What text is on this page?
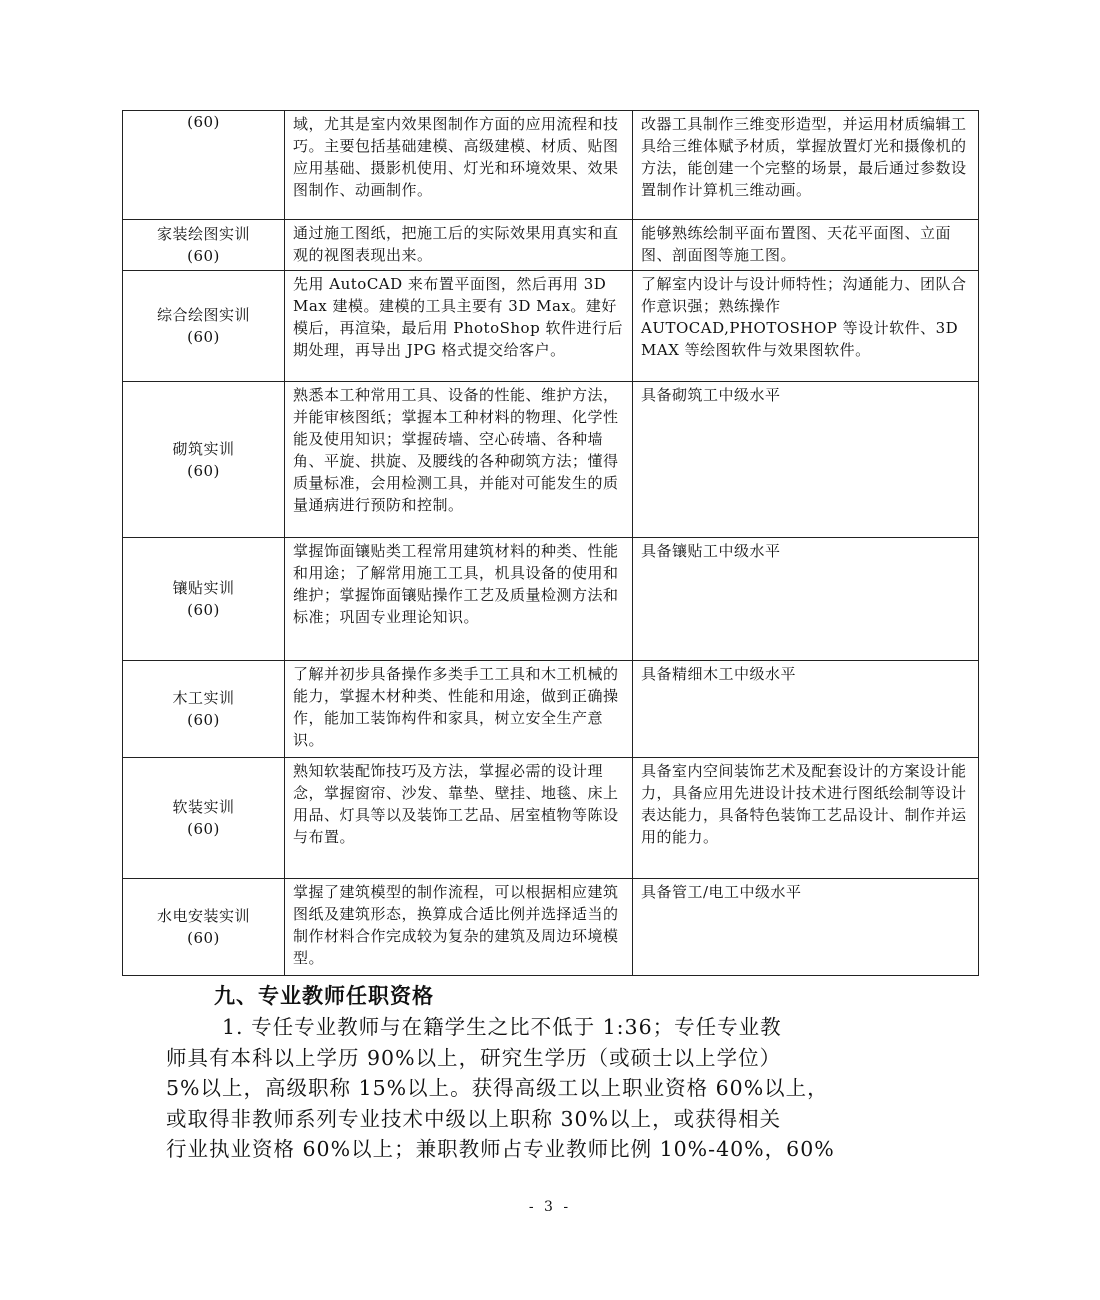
(60)	域，尤其是室内效果图制作方面的应用流程和技巧。主要包括基础建模、高级建模、材质、贴图应用基础、摄影机使用、灯光和环境效果、效果图制作、动画制作。	改器工具制作三维变形造型，并运用材质编辑工具给三维体赋予材质，掌握放置灯光和摄像机的方法，能创建一个完整的场景，最后通过参数设置制作计算机三维动画。

家装绘图实训
(60)	通过施工图纸，把施工后的实际效果用真实和直观的视图表现出来。	能够熟练绘制平面布置图、天花平面图、立面图、剖面图等施工图。

综合绘图实训
(60)	先用 AutoCAD 来布置平面图，然后再用 3D Max 建模。建模的工具主要有 3D Max。建好模后，再渲染，最后用 PhotoShop 软件进行后期处理，再导出 JPG 格式提交给客户。	了解室内设计与设计师特性；沟通能力、团队合作意识强；熟练操作 AUTOCAD,PHOTOSHOP 等设计软件、3D MAX 等绘图软件与效果图软件。

砌筑实训
(60)	熟悉本工种常用工具、设备的性能、维护方法，并能审核图纸；掌握本工种材料的物理、化学性能及使用知识；掌握砖墙、空心砖墙、各种墙角、平旋、拱旋、及腰线的各种砌筑方法；懂得质量标准，会用检测工具，并能对可能发生的质量通病进行预防和控制。	具备砌筑工中级水平

镶贴实训
(60)	掌握饰面镶贴类工程常用建筑材料的种类、性能和用途；了解常用施工工具，机具设备的使用和维护；掌握饰面镶贴操作工艺及质量检测方法和标准；巩固专业理论知识。	具备镶贴工中级水平

木工实训
(60)	了解并初步具备操作多类手工工具和木工机械的能力，掌握木材种类、性能和用途，做到正确操作，能加工装饰构件和家具，树立安全生产意识。	具备精细木工中级水平

软装实训
(60)	熟知软装配饰技巧及方法，掌握必需的设计理念，掌握窗帘、沙发、靠垫、壁挂、地毯、床上用品、灯具等以及装饰工艺品、居室植物等陈设与布置。	具备室内空间装饰艺术及配套设计的方案设计能力，具备应用先进设计技术进行图纸绘制等设计表达能力，具备特色装饰工艺品设计、制作并运用的能力。

水电安装实训
(60)	掌握了建筑模型的制作流程，可以根据相应建筑图纸及建筑形态，换算成合适比例并选择适当的制作材料合作完成较为复杂的建筑及周边环境模型。	具备管工/电工中级水平
九、专业教师任职资格
1. 专任专业教师与在籍学生之比不低于 1:36；专任专业教
师具有本科以上学历 90%以上，研究生学历（或硕士以上学位）
5%以上，高级职称 15%以上。获得高级工以上职业资格 60%以上，
或取得非教师系列专业技术中级以上职称 30%以上，或获得相关
行业执业资格 60%以上；兼职教师占专业教师比例 10%-40%，60%
- 3 -
